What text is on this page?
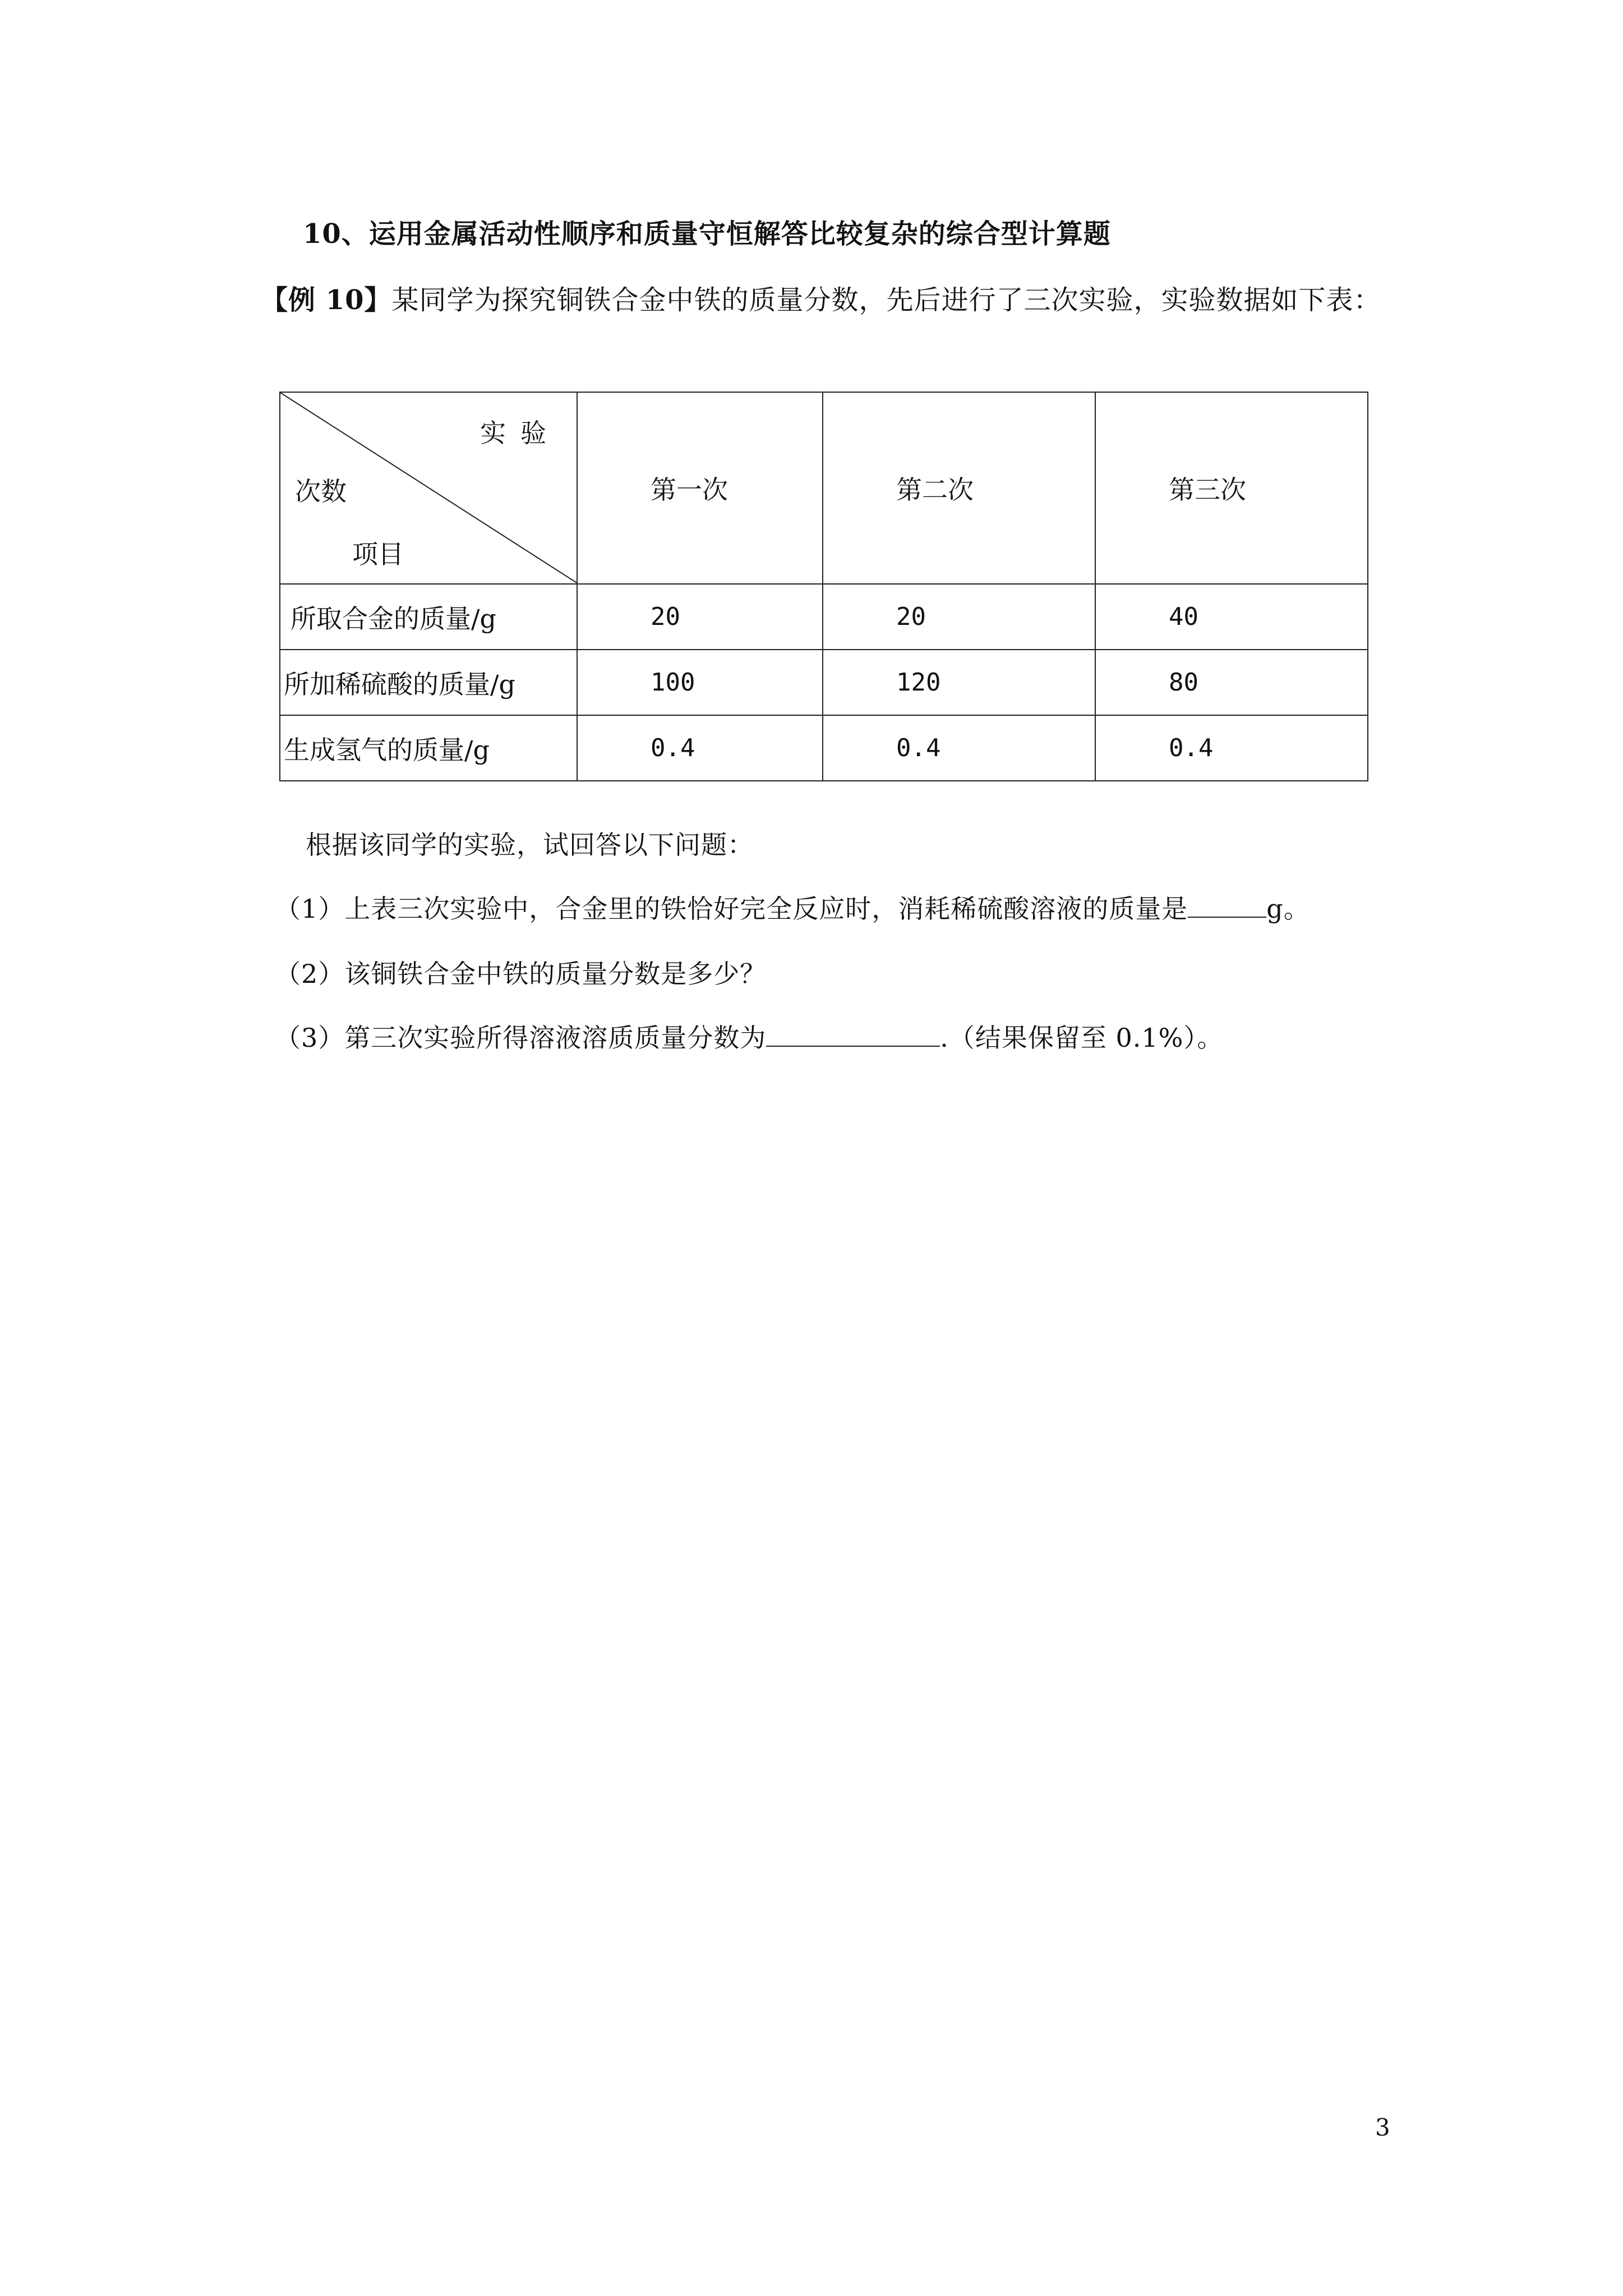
10、运用金属活动性顺序和质量守恒解答比较复杂的综合型计算题
【例 10】某同学为探究铜铁合金中铁的质量分数，先后进行了三次实验，实验数据如下表：
实验
次数
项目	第一次	第二次	第三次
所取合金的质量/g	20	20	40
所加稀硫酸的质量/g	100	120	80
生成氢气的质量/g	0.4	0.4	0.4
根据该同学的实验，试回答以下问题：
（1）上表三次实验中，合金里的铁恰好完全反应时，消耗稀硫酸溶液的质量是	g。
（2）该铜铁合金中铁的质量分数是多少？
（3）第三次实验所得溶液溶质质量分数为	.（结果保留至 0.1%）。
3
